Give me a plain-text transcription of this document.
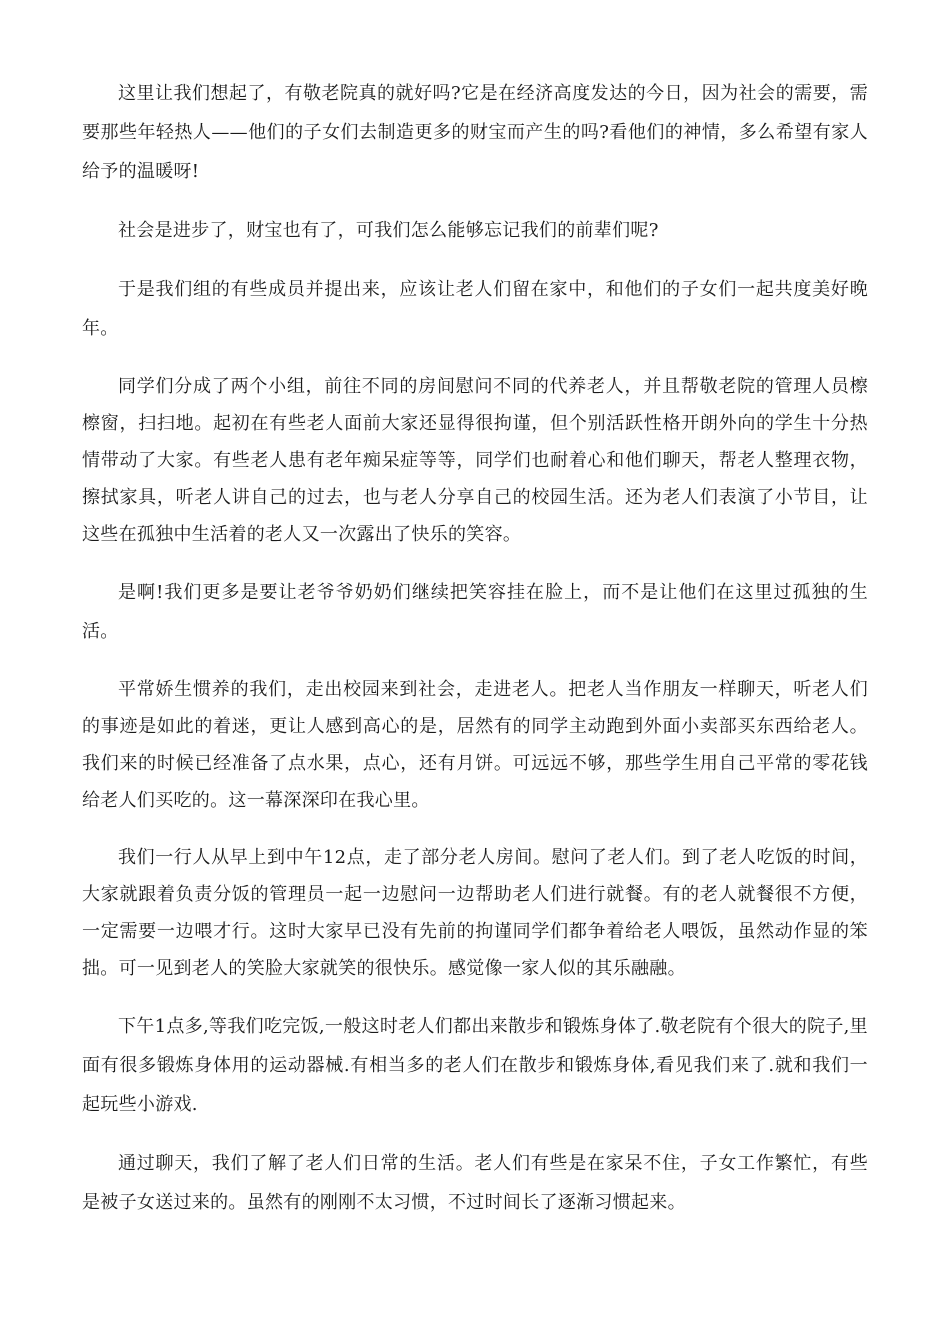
这里让我们想起了，有敬老院真的就好吗?它是在经济高度发达的今日，因为社会的需要，需要那些年轻热人——他们的子女们去制造更多的财宝而产生的吗?看他们的神情，多么希望有家人给予的温暖呀!

社会是进步了，财宝也有了，可我们怎么能够忘记我们的前辈们呢?

于是我们组的有些成员并提出来，应该让老人们留在家中，和他们的子女们一起共度美好晚年。

同学们分成了两个小组，前往不同的房间慰问不同的代养老人，并且帮敬老院的管理人员檫檫窗，扫扫地。起初在有些老人面前大家还显得很拘谨，但个别活跃性格开朗外向的学生十分热情带动了大家。有些老人患有老年痴呆症等等，同学们也耐着心和他们聊天，帮老人整理衣物，擦拭家具，听老人讲自己的过去，也与老人分享自己的校园生活。还为老人们表演了小节目，让这些在孤独中生活着的老人又一次露出了快乐的笑容。

是啊!我们更多是要让老爷爷奶奶们继续把笑容挂在脸上，而不是让他们在这里过孤独的生活。

平常娇生惯养的我们，走出校园来到社会，走进老人。把老人当作朋友一样聊天，听老人们的事迹是如此的着迷，更让人感到高心的是，居然有的同学主动跑到外面小卖部买东西给老人。我们来的时候已经准备了点水果，点心，还有月饼。可远远不够，那些学生用自己平常的零花钱给老人们买吃的。这一幕深深印在我心里。

我们一行人从早上到中午12点，走了部分老人房间。慰问了老人们。到了老人吃饭的时间，大家就跟着负责分饭的管理员一起一边慰问一边帮助老人们进行就餐。有的老人就餐很不方便，一定需要一边喂才行。这时大家早已没有先前的拘谨同学们都争着给老人喂饭，虽然动作显的笨拙。可一见到老人的笑脸大家就笑的很快乐。感觉像一家人似的其乐融融。

下午1点多,等我们吃完饭,一般这时老人们都出来散步和锻炼身体了.敬老院有个很大的院子,里面有很多锻炼身体用的运动器械.有相当多的老人们在散步和锻炼身体,看见我们来了.就和我们一起玩些小游戏.

通过聊天，我们了解了老人们日常的生活。老人们有些是在家呆不住，子女工作繁忙，有些是被子女送过来的。虽然有的刚刚不太习惯，不过时间长了逐渐习惯起来。
